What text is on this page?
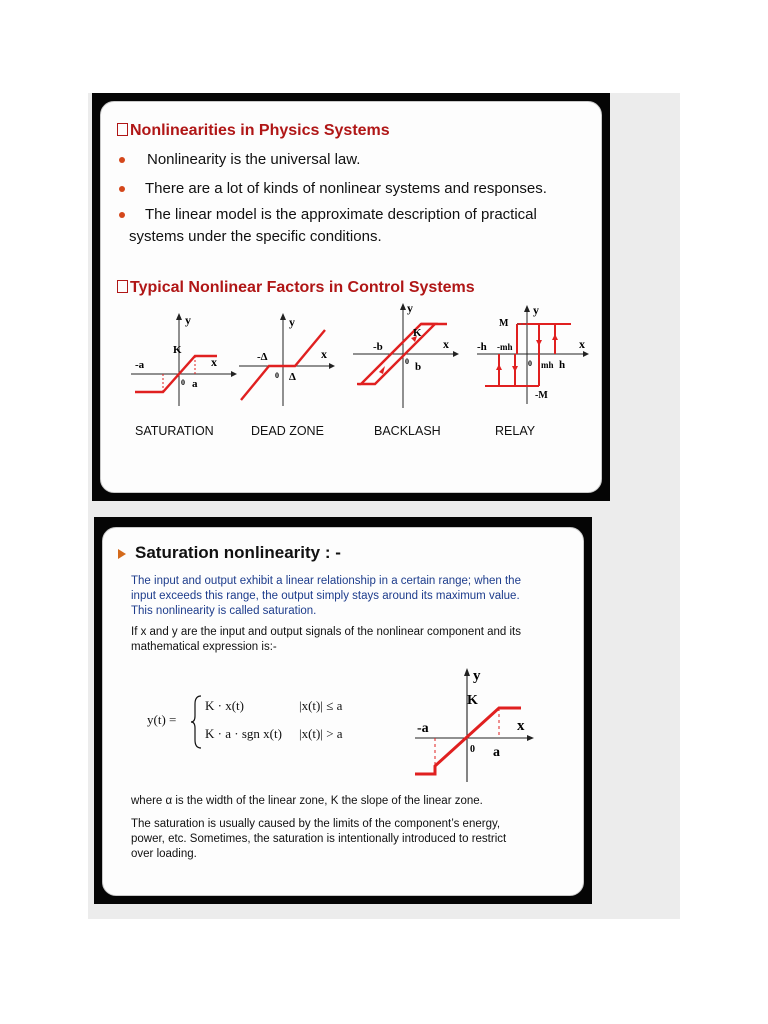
Nonlinearities in Physics Systems
Nonlinearity is the universal law.
There are a lot of kinds of nonlinear systems and responses.
The linear model is the approximate description of practical
systems under the specific conditions.
Typical Nonlinear Factors in Control Systems
y
x
-a
a
0
K
y
x
-Δ
Δ
0
y
x
-b
b
0
K
y
x
M
-M
-h -mh
mh h
0
SATURATION	DEAD ZONE	BACKLASH	RELAY
Saturation nonlinearity : -
The input and output exhibit a linear relationship in a certain range; when the
input exceeds this range, the output simply stays around its maximum value.
This nonlinearity is called saturation.
If x and y are the input and output signals of the nonlinear component and its
mathematical expression is:-
y(t) =
K · x(t)	|x(t)| ≤ a
K · a · sgn x(t) |x(t)| > a
y
x
-a
a
0
K
where α is the width of the linear zone, K the slope of the linear zone.
The saturation is usually caused by the limits of the component’s energy,
power, etc. Sometimes, the saturation is intentionally introduced to restrict
over loading.
